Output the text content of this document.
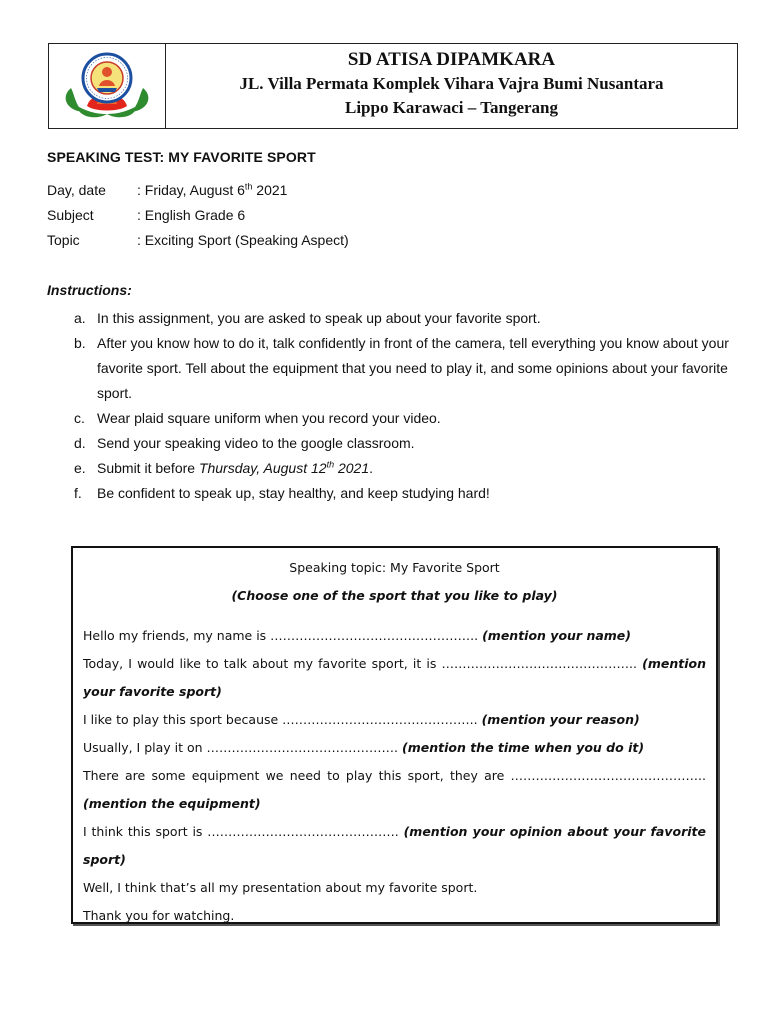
SD ATISA DIPAMKARA
JL. Villa Permata Komplek Vihara Vajra Bumi Nusantara
Lippo Karawaci – Tangerang
SPEAKING TEST: MY FAVORITE SPORT
Day, date	: Friday, August 6th 2021
Subject	: English Grade 6
Topic	: Exciting Sport (Speaking Aspect)
Instructions:
a. In this assignment, you are asked to speak up about your favorite sport.
b. After you know how to do it, talk confidently in front of the camera, tell everything you know about your favorite sport. Tell about the equipment that you need to play it, and some opinions about your favorite sport.
c. Wear plaid square uniform when you record your video.
d. Send your speaking video to the google classroom.
e. Submit it before Thursday, August 12th 2021.
f.	Be confident to speak up, stay healthy, and keep studying hard!
Speaking topic: My Favorite Sport
(Choose one of the sport that you like to play)
Hello my friends, my name is ………………………………………….. (mention your name)
Today, I would like to talk about my favorite sport, it is ……………………………………….. (mention your favorite sport)
I like to play this sport because ……………………………………….. (mention your reason)
Usually, I play it on ………………………………………. (mention the time when you do it)
There are some equipment we need to play this sport, they are ……………………………………….. (mention the equipment)
I think this sport is ………………………………………. (mention your opinion about your favorite sport)
Well, I think that’s all my presentation about my favorite sport.
Thank you for watching.
